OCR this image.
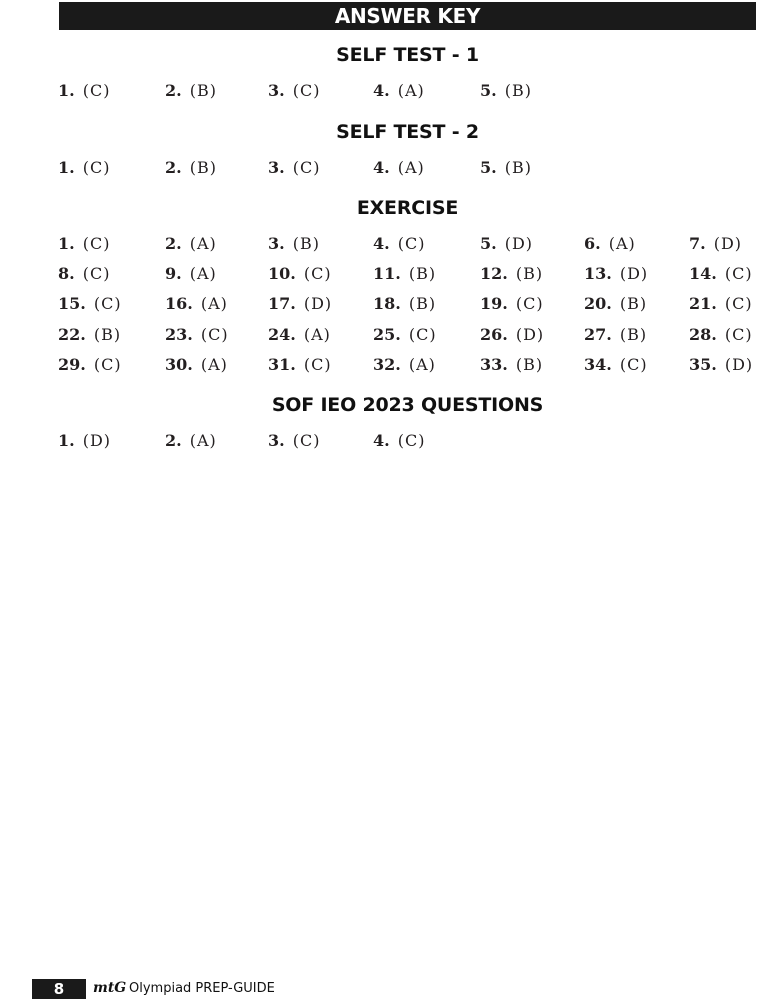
ANSWER KEY
SELF TEST - 1
1. (C)	2. (B)	3. (C)	4. (A)	5. (B)
SELF TEST - 2
1. (C)	2. (B)	3. (C)	4. (A)	5. (B)
EXERCISE
1. (C)	2. (A)	3. (B)	4. (C)	5. (D)	6. (A)	7. (D)
8. (C)	9. (A)	10. (C)	11. (B)	12. (B)	13. (D)	14. (C)
15. (C)	16. (A)	17. (D)	18. (B)	19. (C)	20. (B)	21. (C)
22. (B)	23. (C) 24. (A)	25. (C)	26. (D) 27. (B)	28. (C)
29. (C)	30. (A)	31. (C)	32. (A)	33. (B)	34. (C)	35. (D)
SOF IEO 2023 QUESTIONS
1. (D)	2. (A)	3. (C)	4. (C)
8 mtG Olympiad PREP-GUIDE
